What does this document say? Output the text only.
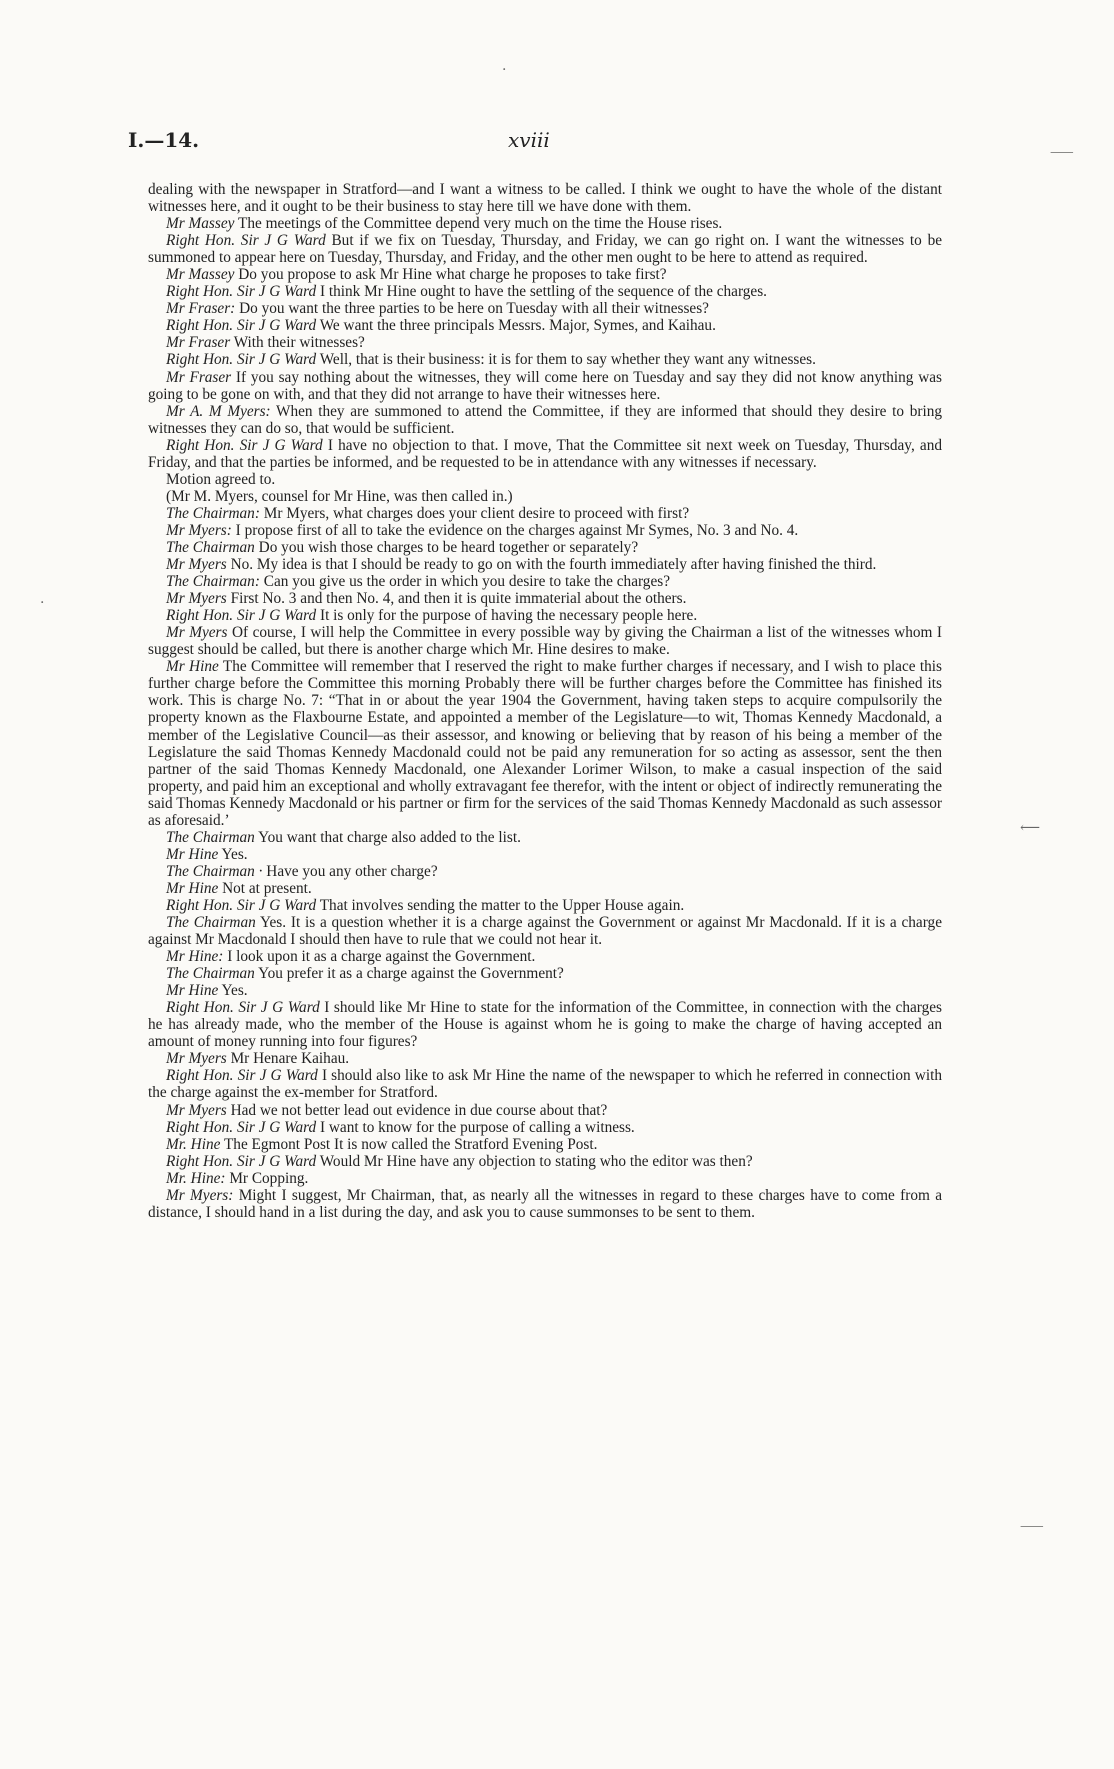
I.—14.	xviii
·
·
⸺
⟵
⸺

dealing with the newspaper in Stratford—and I want a witness to be called. I think we ought to have the whole of the distant witnesses here, and it ought to be their business to stay here till we have done with them.

Mr Massey The meetings of the Committee depend very much on the time the House rises.

Right Hon. Sir J G Ward But if we fix on Tuesday, Thursday, and Friday, we can go right on. I want the witnesses to be summoned to appear here on Tuesday, Thursday, and Friday, and the other men ought to be here to attend as required.

Mr Massey Do you propose to ask Mr Hine what charge he proposes to take first?

Right Hon. Sir J G Ward I think Mr Hine ought to have the settling of the sequence of the charges.

Mr Fraser: Do you want the three parties to be here on Tuesday with all their witnesses?

Right Hon. Sir J G Ward We want the three principals Messrs. Major, Symes, and Kaihau.

Mr Fraser With their witnesses?

Right Hon. Sir J G Ward Well, that is their business: it is for them to say whether they want any witnesses.

Mr Fraser If you say nothing about the witnesses, they will come here on Tuesday and say they did not know anything was going to be gone on with, and that they did not arrange to have their witnesses here.

Mr A. M Myers: When they are summoned to attend the Committee, if they are informed that should they desire to bring witnesses they can do so, that would be sufficient.

Right Hon. Sir J G Ward I have no objection to that. I move, That the Committee sit next week on Tuesday, Thursday, and Friday, and that the parties be informed, and be requested to be in attendance with any witnesses if necessary.

Motion agreed to.

(Mr M. Myers, counsel for Mr Hine, was then called in.)

The Chairman: Mr Myers, what charges does your client desire to proceed with first?

Mr Myers: I propose first of all to take the evidence on the charges against Mr Symes, No. 3 and No. 4.

The Chairman Do you wish those charges to be heard together or separately?

Mr Myers No. My idea is that I should be ready to go on with the fourth immediately after having finished the third.

The Chairman: Can you give us the order in which you desire to take the charges?

Mr Myers First No. 3 and then No. 4, and then it is quite immaterial about the others.

Right Hon. Sir J G Ward It is only for the purpose of having the necessary people here.

Mr Myers Of course, I will help the Committee in every possible way by giving the Chairman a list of the witnesses whom I suggest should be called, but there is another charge which Mr. Hine desires to make.

Mr Hine The Committee will remember that I reserved the right to make further charges if necessary, and I wish to place this further charge before the Committee this morning Probably there will be further charges before the Committee has finished its work. This is charge No. 7: “That in or about the year 1904 the Government, having taken steps to acquire compulsorily the property known as the Flaxbourne Estate, and appointed a member of the Legislature—to wit, Thomas Kennedy Macdonald, a member of the Legislative Council—as their assessor, and knowing or believing that by reason of his being a member of the Legislature the said Thomas Kennedy Macdonald could not be paid any remuneration for so acting as assessor, sent the then partner of the said Thomas Kennedy Macdonald, one Alexander Lorimer Wilson, to make a casual inspection of the said property, and paid him an exceptional and wholly extravagant fee therefor, with the intent or object of indirectly remunerating the said Thomas Kennedy Macdonald or his partner or firm for the services of the said Thomas Kennedy Macdonald as such assessor as aforesaid.’

The Chairman You want that charge also added to the list.

Mr Hine Yes.

The Chairman · Have you any other charge?

Mr Hine Not at present.

Right Hon. Sir J G Ward That involves sending the matter to the Upper House again.

The Chairman Yes. It is a question whether it is a charge against the Government or against Mr Macdonald. If it is a charge against Mr Macdonald I should then have to rule that we could not hear it.

Mr Hine: I look upon it as a charge against the Government.

The Chairman You prefer it as a charge against the Government?

Mr Hine Yes.

Right Hon. Sir J G Ward I should like Mr Hine to state for the information of the Committee, in connection with the charges he has already made, who the member of the House is against whom he is going to make the charge of having accepted an amount of money running into four figures?

Mr Myers Mr Henare Kaihau.

Right Hon. Sir J G Ward I should also like to ask Mr Hine the name of the newspaper to which he referred in connection with the charge against the ex-member for Stratford.

Mr Myers Had we not better lead out evidence in due course about that?

Right Hon. Sir J G Ward I want to know for the purpose of calling a witness.

Mr. Hine The Egmont Post It is now called the Stratford Evening Post.

Right Hon. Sir J G Ward Would Mr Hine have any objection to stating who the editor was then?

Mr. Hine: Mr Copping.

Mr Myers: Might I suggest, Mr Chairman, that, as nearly all the witnesses in regard to these charges have to come from a distance, I should hand in a list during the day, and ask you to cause summonses to be sent to them.
